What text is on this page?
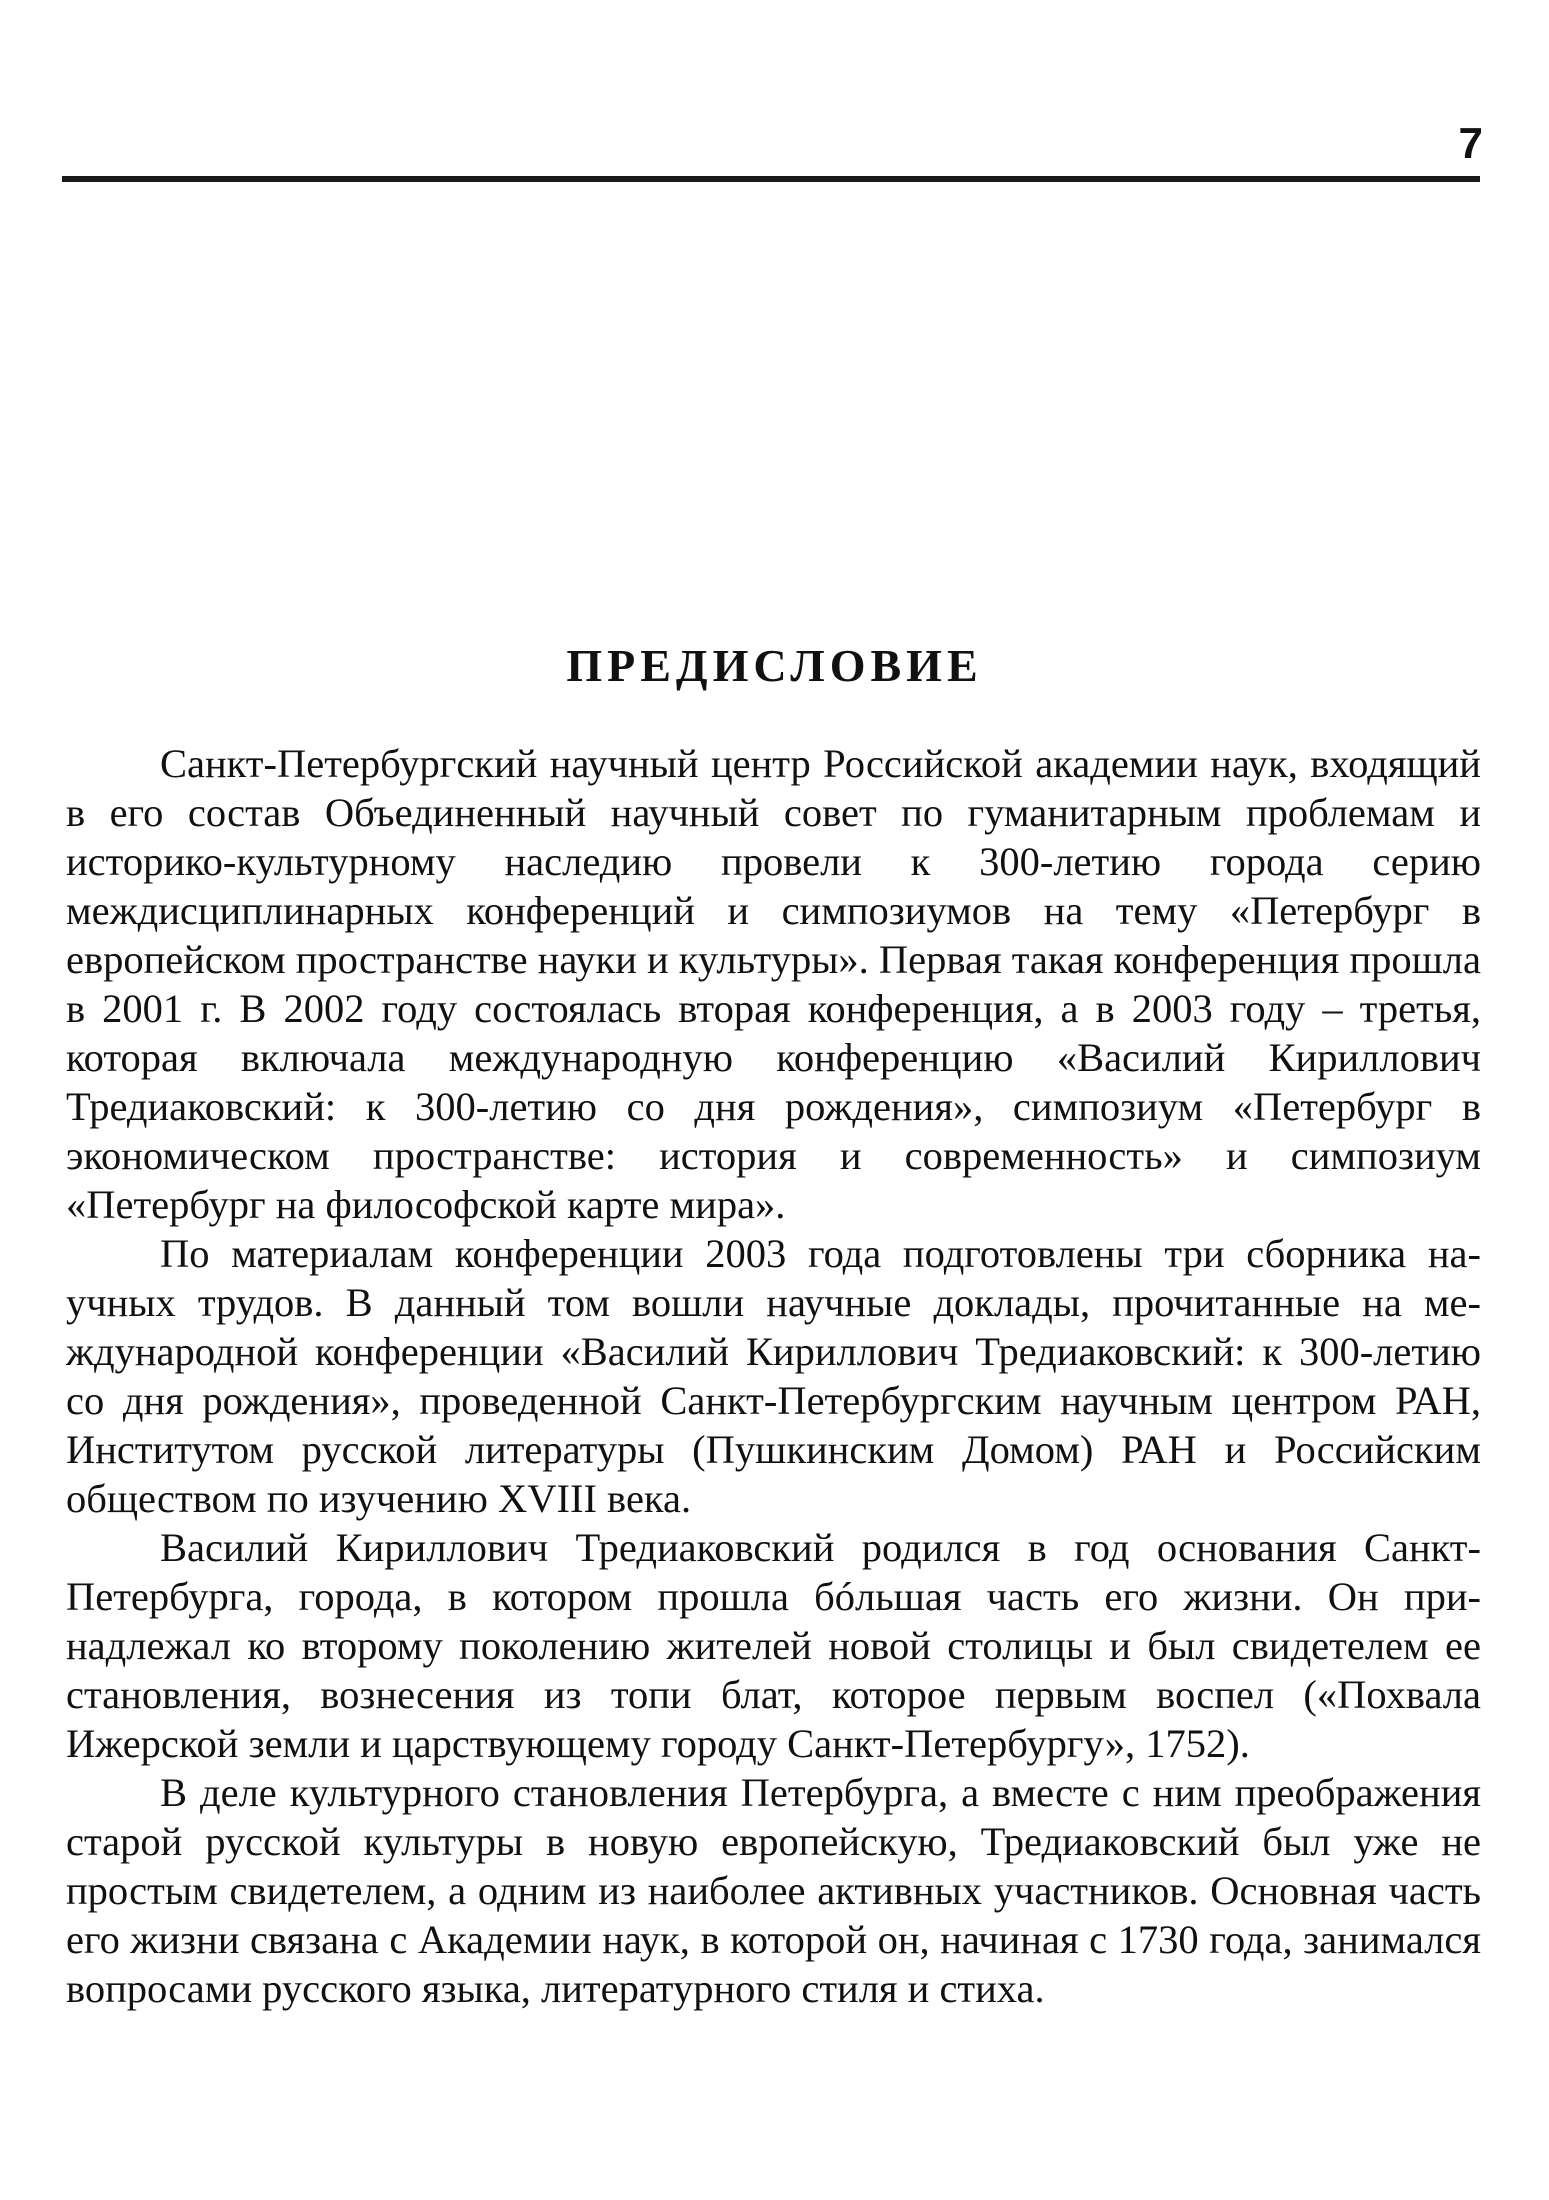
7
ПРЕДИСЛОВИЕ

Санкт-Петербургский научный центр Российской академии наук, входящий в его состав Объединенный научный совет по гуманитарным проблемам и историко-культурному наследию провели к 300-летию города серию междисциплинарных конференций и симпозиумов на тему «Петербург в европейском пространстве науки и культуры». Первая такая конференция прошла в 2001 г. В 2002 году состоялась вторая конференция, а в 2003 году – третья, которая включала международную конференцию «Василий Кириллович Тредиаковский: к 300-летию со дня рождения», симпозиум «Петербург в экономическом пространстве: история и современность» и симпозиум «Петербург на философской карте мира».

По материалам конференции 2003 года подготовлены три сборника научных трудов. В данный том вошли научные доклады, прочитанные на международной конференции «Василий Кириллович Тредиаковский: к 300-летию со дня рождения», проведенной Санкт-Петербургским научным центром РАН, Институтом русской литературы (Пушкинским Домом) РАН и Российским обществом по изучению XVIII века.

Василий Кириллович Тредиаковский родился в год основания Санкт-Петербурга, города, в котором прошла бóльшая часть его жизни. Он принадлежал ко второму поколению жителей новой столицы и был свидетелем ее становления, вознесения из топи блат, которое первым воспел («Похвала Ижерской земли и царствующему городу Санкт-Петербургу», 1752).

В деле культурного становления Петербурга, а вместе с ним преображения старой русской культуры в новую европейскую, Тредиаковский был уже не простым свидетелем, а одним из наиболее активных участников. Основная часть его жизни связана с Академии наук, в которой он, начиная с 1730 года, занимался вопросами русского языка, литературного стиля и стиха.
